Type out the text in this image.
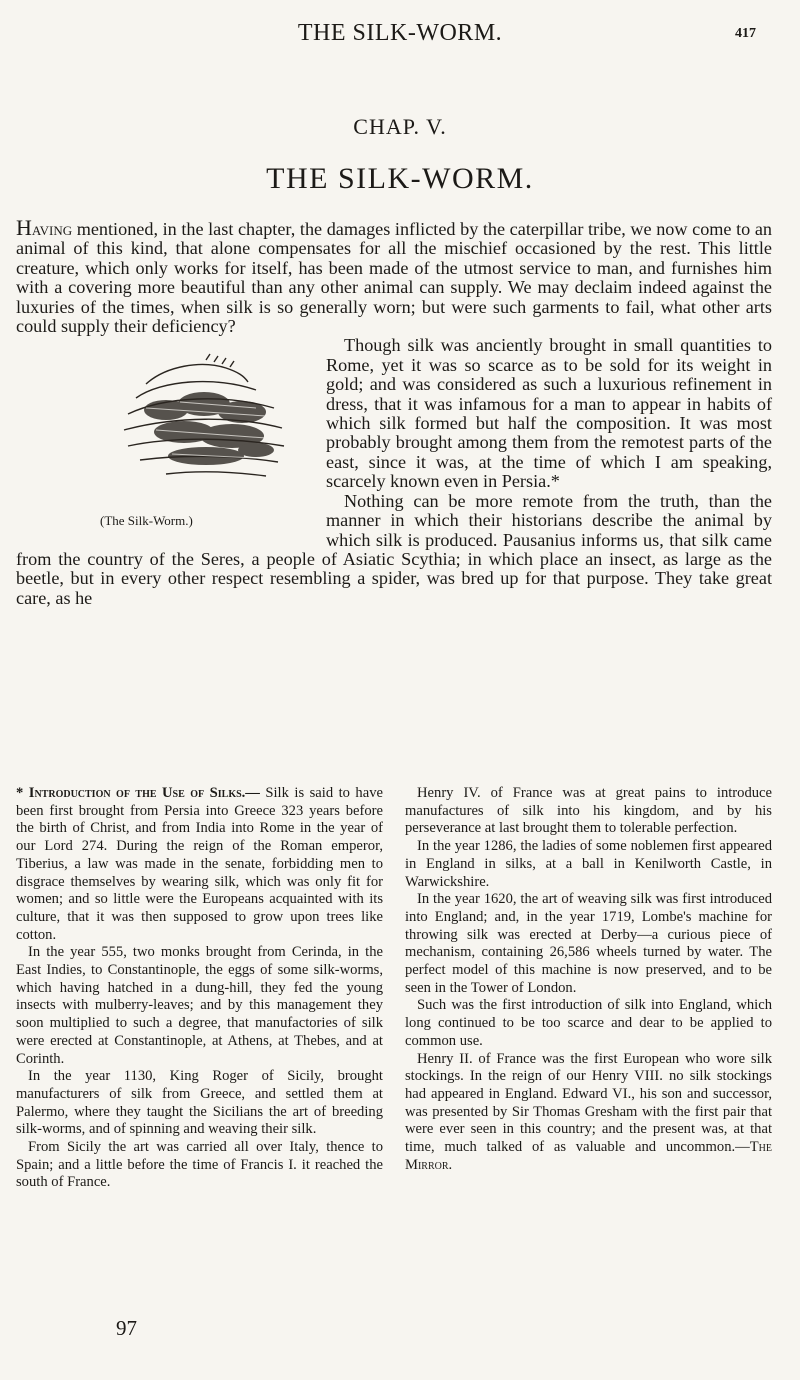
THE SILK-WORM.	417
CHAP. V.
THE SILK-WORM.

Having mentioned, in the last chapter, the damages inflicted by the caterpillar tribe, we now come to an animal of this kind, that alone compensates for all the mischief occasioned by the rest. This little creature, which only works for itself, has been made of the utmost service to man, and furnishes him with a covering more beautiful than any other animal can supply. We may declaim indeed against the luxuries of the times, when silk is so generally worn; but were such garments to fail, what other arts could supply their deficiency?

(The Silk-Worm.)

Though silk was anciently brought in small quantities to Rome, yet it was so scarce as to be sold for its weight in gold; and was considered as such a luxurious refinement in dress, that it was infamous for a man to appear in habits of which silk formed but half the composition. It was most probably brought among them from the remotest parts of the east, since it was, at the time of which I am speaking, scarcely known even in Persia.*

Nothing can be more remote from the truth, than the manner in which their historians describe the animal by which silk is produced. Pausanius informs us, that silk came from the country of the Seres, a people of Asiatic Scythia; in which place an insect, as large as the beetle, but in every other respect resembling a spider, was bred up for that purpose. They take great care, as he

* Introduction of the Use of Silks.— Silk is said to have been first brought from Persia into Greece 323 years before the birth of Christ, and from India into Rome in the year of our Lord 274. During the reign of the Roman emperor, Tiberius, a law was made in the senate, forbidding men to disgrace themselves by wearing silk, which was only fit for women; and so little were the Europeans acquainted with its culture, that it was then supposed to grow upon trees like cotton.

In the year 555, two monks brought from Cerinda, in the East Indies, to Constantinople, the eggs of some silk-worms, which having hatched in a dung-hill, they fed the young insects with mulberry-leaves; and by this management they soon multiplied to such a degree, that manufactories of silk were erected at Constantinople, at Athens, at Thebes, and at Corinth.

In the year 1130, King Roger of Sicily, brought manufacturers of silk from Greece, and settled them at Palermo, where they taught the Sicilians the art of breeding silk-worms, and of spinning and weaving their silk.

From Sicily the art was carried all over Italy, thence to Spain; and a little before the time of Francis I. it reached the south of France.

Henry IV. of France was at great pains to introduce manufactures of silk into his kingdom, and by his perseverance at last brought them to tolerable perfection.

In the year 1286, the ladies of some noblemen first appeared in England in silks, at a ball in Kenilworth Castle, in Warwickshire.

In the year 1620, the art of weaving silk was first introduced into England; and, in the year 1719, Lombe's machine for throwing silk was erected at Derby—a curious piece of mechanism, containing 26,586 wheels turned by water. The perfect model of this machine is now preserved, and to be seen in the Tower of London.

Such was the first introduction of silk into England, which long continued to be too scarce and dear to be applied to common use.

Henry II. of France was the first European who wore silk stockings. In the reign of our Henry VIII. no silk stockings had appeared in England. Edward VI., his son and successor, was presented by Sir Thomas Gresham with the first pair that were ever seen in this country; and the present was, at that time, much talked of as valuable and uncommon.—The Mirror.

97
